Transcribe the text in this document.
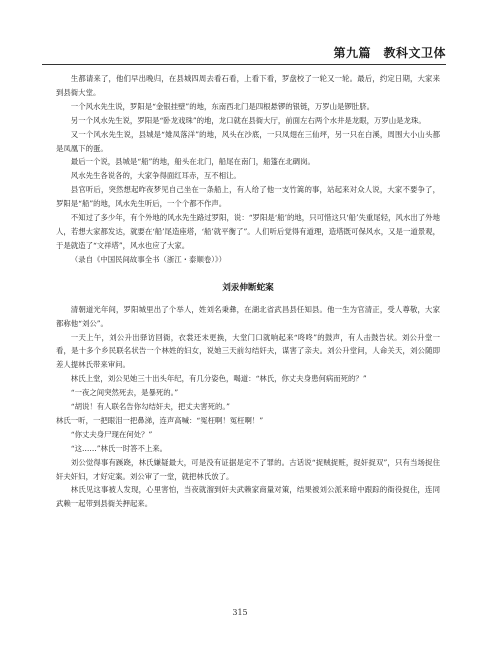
第九篇　教科文卫体

生都请来了，他们早出晚归，在县城四周去看石看，上看下看，罗盘校了一轮又一轮。最后，约定日期，大家来到县衙大堂。

一个风水先生说，罗阳是“金银挂壁”的地，东南西北门是四根悬锣的银链，万罗山是锣肚脐。

另一个风水先生说，罗阳是“卧龙戏珠”的地，龙口就在县衙大厅，前面左右两个水井是龙眼，万罗山是龙珠。

又一个风水先生说，县城是“雉凤落洋”的地，风头在沙底，一只凤翅在三仙坪，另一只在白溪，周围大小山头都是凤凰下的蛋。

最后一个说，县城是“船”的地，船头在北门，船尾在南门，船篷在北碉岗。

风水先生各说各的，大家争得面红耳赤，互不相让。

县官听后，突然想起昨夜梦见自己坐在一条船上，有人给了他一支竹篙的事，站起来对众人说，大家不要争了，罗阳是“船”的地，风水先生听后，一个个都不作声。

不知过了多少年，有个外地的风水先生路过罗阳，说：“罗阳是‘船’的地，只可惜这只‘船’失重尾轻，风水出了外地人，若想大家都发达，就要在‘船’尾造座塔，‘船’就平衡了”。人们听后觉得有道理，造塔既可保风水，又是一道景观，于是就造了“文祥塔”，风水也应了大家。

（录自《中国民间故事全书（浙江・泰顺卷）》）

刘汞伸断蛇案

清朝道光年间，罗阳城里出了个举人，姓刘名秉彝，在湖北省武昌县任知县。他一生为官清正，受人尊敬，大家都称他“刘公”。

一天上午，刘公升出驿访回衙，衣裳还未更换，大堂门口就响起来“咚咚”的鼓声，有人击鼓告状。刘公升堂一看，是十多个乡民联名状告一个林姓的妇女，说她三天前勾结奸夫，谋害了亲夫。刘公升堂问，人命关天，刘公随即差人提林氏带来审问。

林氏上堂，刘公见她三十出头年纪，有几分姿色，喝道：“林氏，你丈夫身患何病而死的？”

“一夜之间突然死去，是暴死的。”

“胡说！有人联名告你勾结奸夫，把丈夫害死的。”

林氏一听，一把眼泪一把鼻涕，连声高喊：“冤枉啊！冤枉啊！”

“你丈夫身尸现在何处？”

“这……”林氏一时答不上来。

刘公觉得事有蹊跷，林氏嫌疑最大，可是没有证据是定不了罪的。古话说“捉贼捉赃，捉奸捉双”，只有当场捉住奸夫奸妇，才好定案。刘公审了一堂，就把林氏放了。

林氏见这事被人发现，心里害怕，当夜就溜到奸夫武赖家商量对策，结果被刘公派来暗中跟踪的衙役捉住，连同武赖一起带到县衙关押起来。

315
